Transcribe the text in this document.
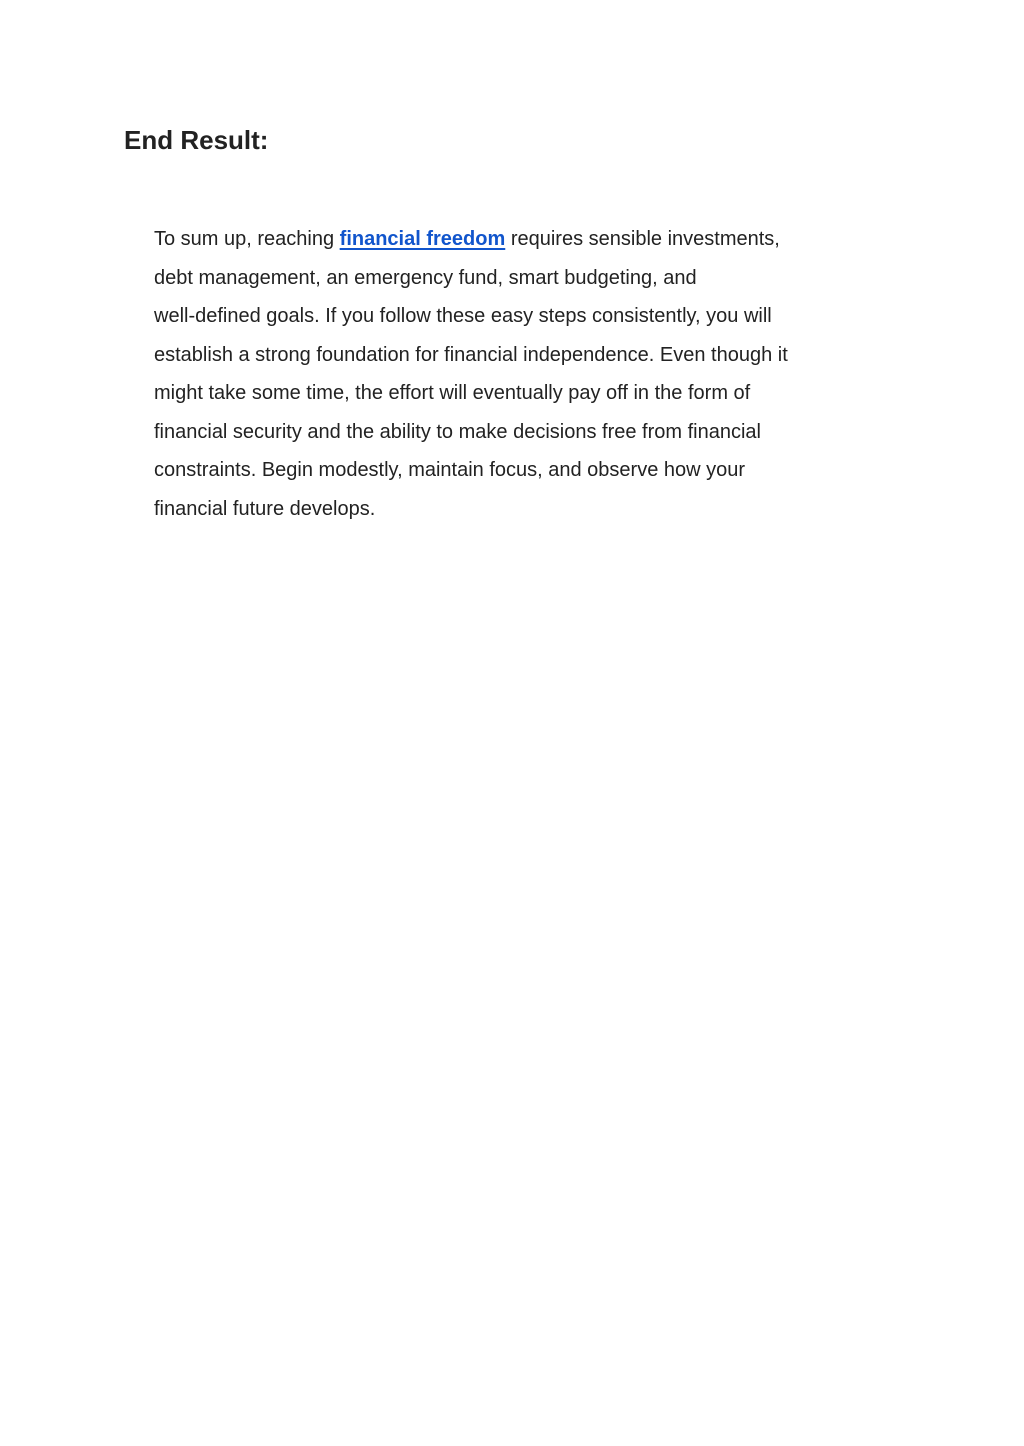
End Result:

To sum up, reaching financial freedom requires sensible investments,
debt management, an emergency fund, smart budgeting, and
well-defined goals. If you follow these easy steps consistently, you will
establish a strong foundation for financial independence. Even though it
might take some time, the effort will eventually pay off in the form of
financial security and the ability to make decisions free from financial
constraints. Begin modestly, maintain focus, and observe how your
financial future develops.
